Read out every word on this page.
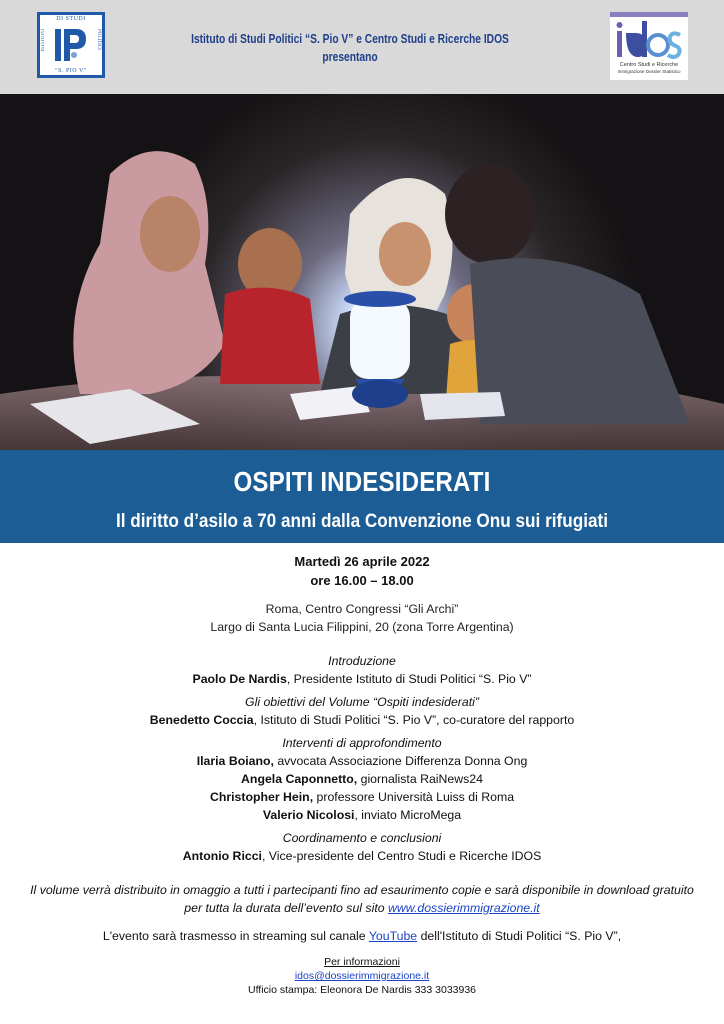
DI STUDI
ISTITUTO	POLITICI
"S. PIO V"
Istituto di Studi Politici “S. Pio V” e Centro Studi e Ricerche IDOS
presentano
Centro Studi e Ricerche
Immigrazione Dossier Statistico
OSPITI INDESIDERATI
Il diritto d’asilo a 70 anni dalla Convenzione Onu sui rifugiati
Martedì 26 aprile 2022
ore 16.00 – 18.00
Roma, Centro Congressi “Gli Archi”
Largo di Santa Lucia Filippini, 20 (zona Torre Argentina)
Introduzione
Paolo De Nardis, Presidente Istituto di Studi Politici “S. Pio V”
Gli obiettivi del Volume “Ospiti indesiderati”
Benedetto Coccia, Istituto di Studi Politici “S. Pio V”, co-curatore del rapporto
Interventi di approfondimento
Ilaria Boiano, avvocata Associazione Differenza Donna Ong
Angela Caponnetto, giornalista RaiNews24
Christopher Hein, professore Università Luiss di Roma
Valerio Nicolosi, inviato MicroMega
Coordinamento e conclusioni
Antonio Ricci, Vice-presidente del Centro Studi e Ricerche IDOS
Il volume verrà distribuito in omaggio a tutti i partecipanti fino ad esaurimento copie e sarà disponibile in download gratuito
per tutta la durata dell’evento sul sito www.dossierimmigrazione.it
L'evento sarà trasmesso in streaming sul canale YouTube dell'Istituto di Studi Politici “S. Pio V”,
Per informazioni
idos@dossierimmigrazione.it
Ufficio stampa: Eleonora De Nardis 333 3033936
